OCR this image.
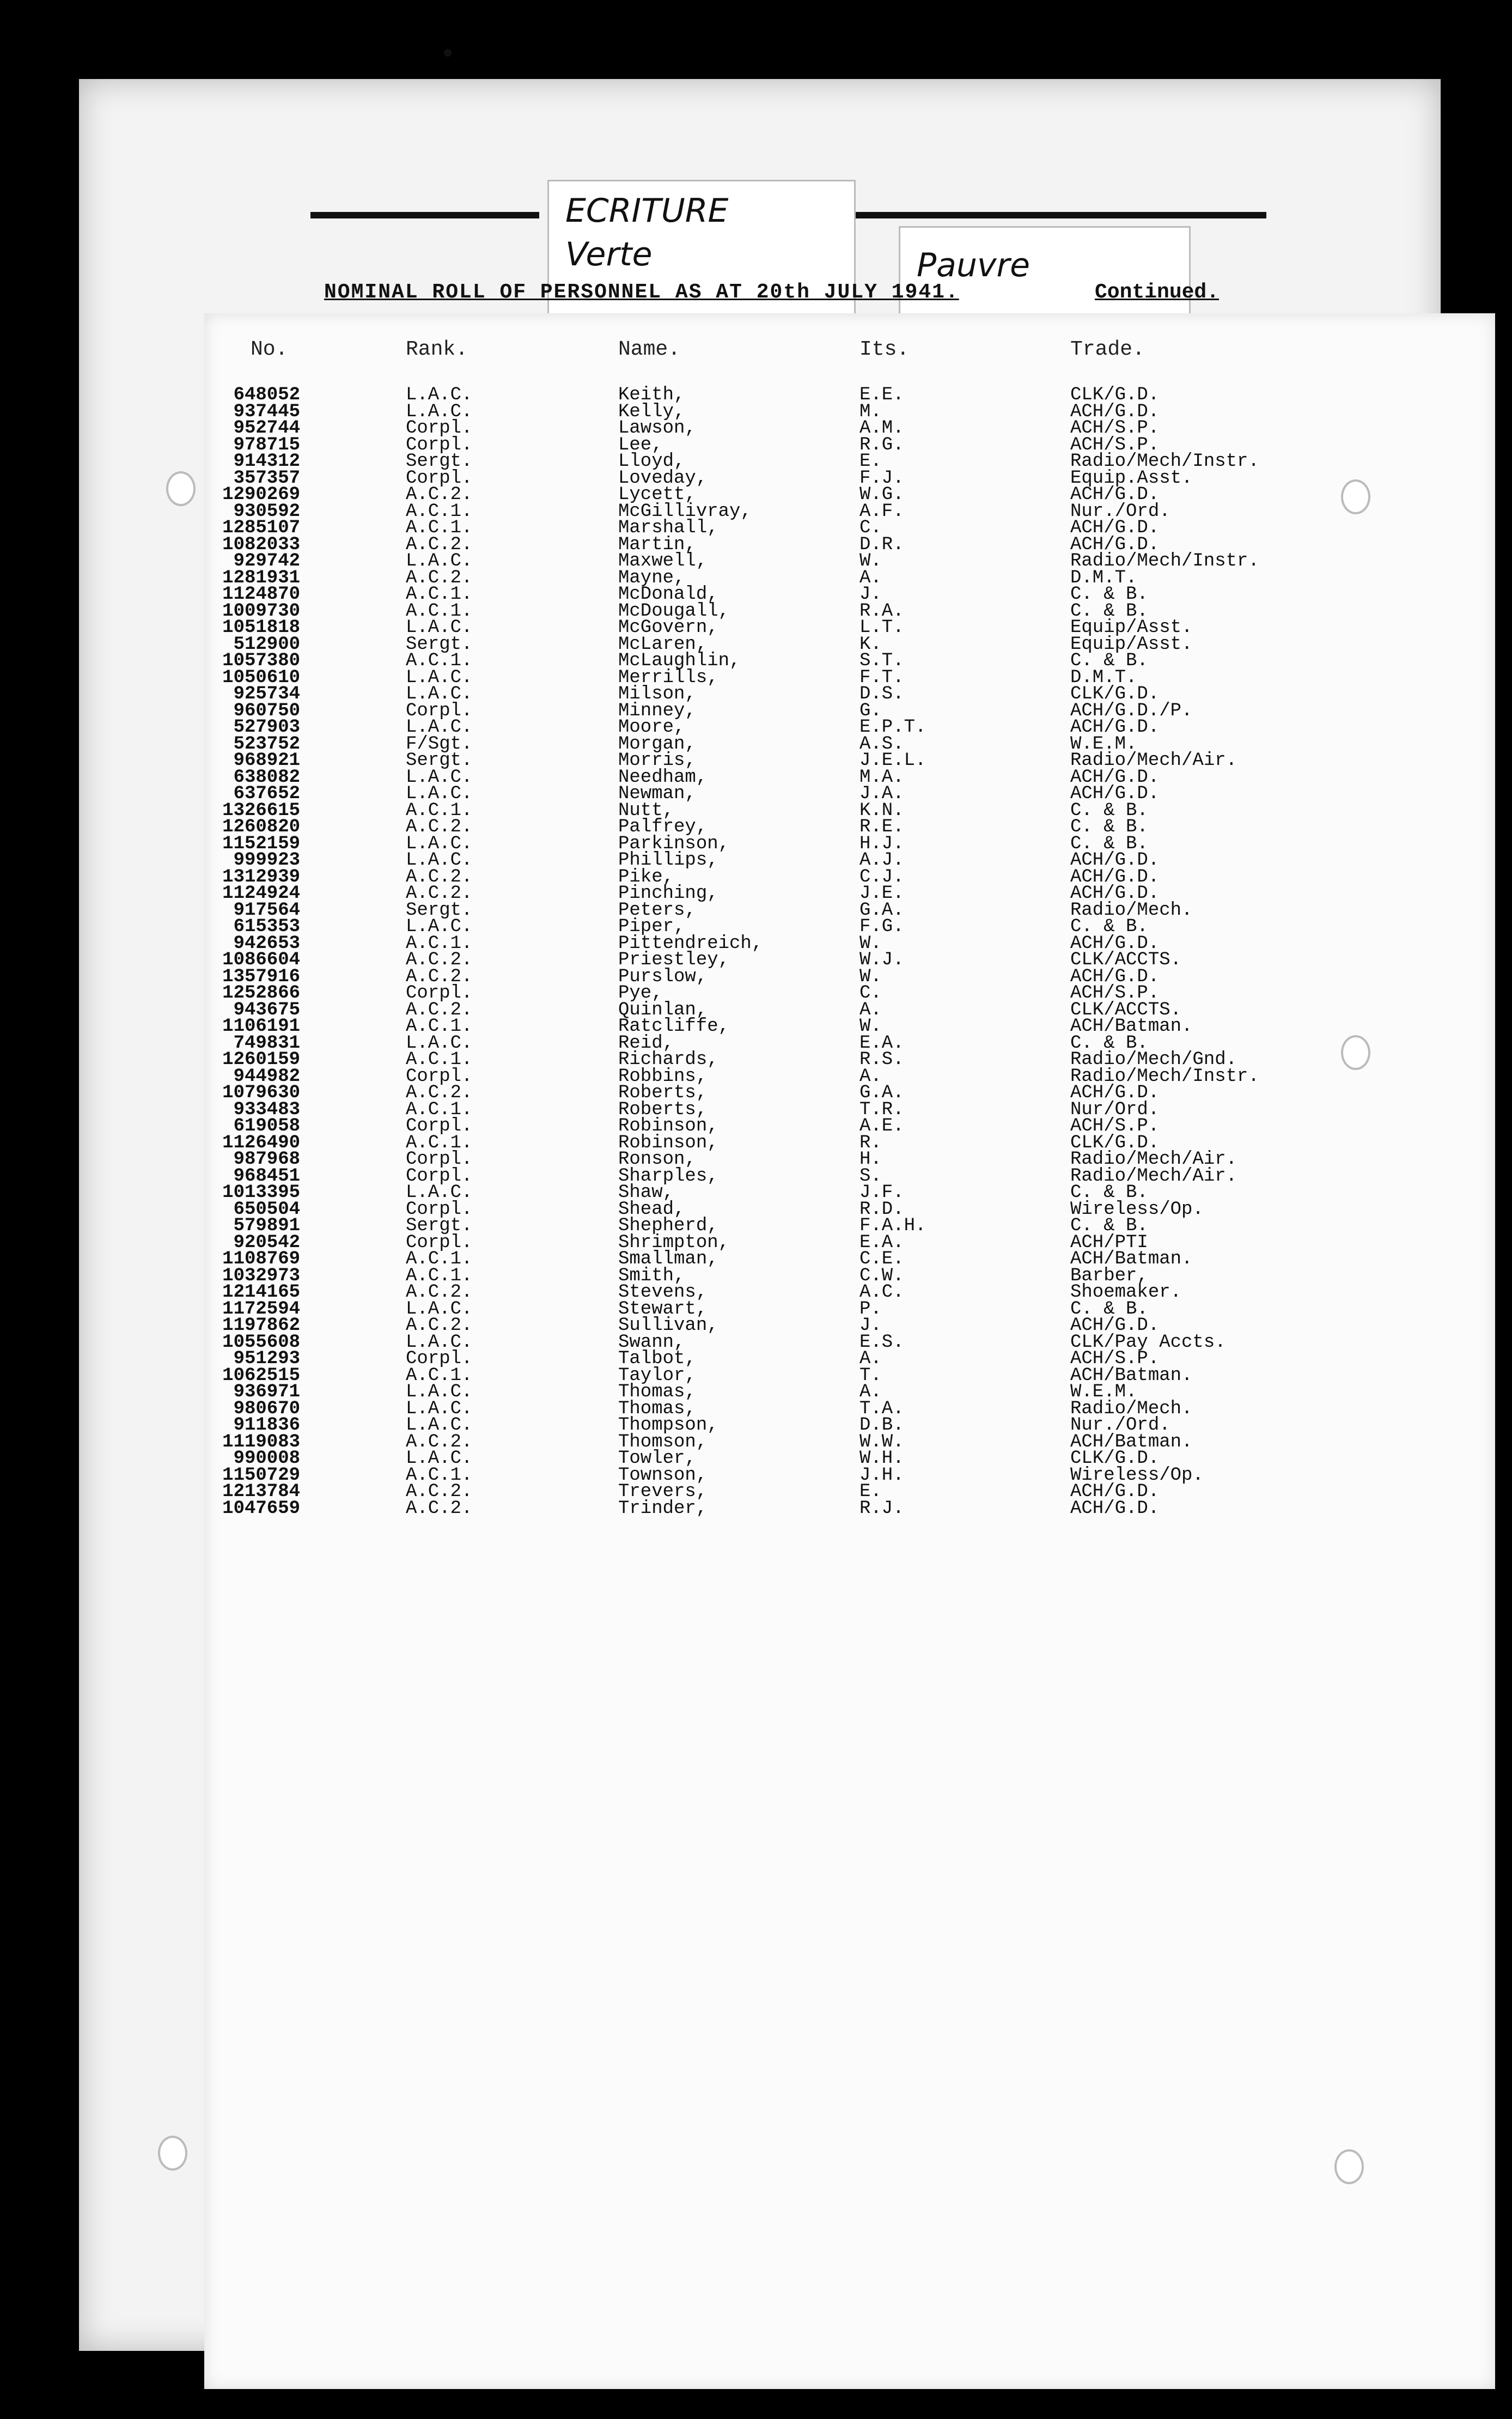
ECRITURE
Verte	Pauvre
NOMINAL ROLL OF PERSONNEL AS AT 20th JULY 1941.	Continued.
No.	Rank.	Name.	Its.	Trade.
648052	L.A.C.	Keith,	E.E.	CLK/G.D.
937445	L.A.C.	Kelly,	M.	ACH/G.D.
952744	Corpl.	Lawson,	A.M.	ACH/S.P.
978715	Corpl.	Lee,	R.G.	ACH/S.P.
914312	Sergt.	Lloyd,	E.	Radio/Mech/Instr.
357357	Corpl.	Loveday,	F.J.	Equip.Asst.
1290269	A.C.2.	Lycett,	W.G.	ACH/G.D.
930592	A.C.1.	McGillivray,	A.F.	Nur./Ord.
1285107	A.C.1.	Marshall,	C.	ACH/G.D.
1082033	A.C.2.	Martin,	D.R.	ACH/G.D.
929742	L.A.C.	Maxwell,	W.	Radio/Mech/Instr.
1281931	A.C.2.	Mayne,	A.	D.M.T.
1124870	A.C.1.	McDonald,	J.	C. & B.
1009730	A.C.1.	McDougall,	R.A.	C. & B.
1051818	L.A.C.	McGovern,	L.T.	Equip/Asst.
512900	Sergt.	McLaren,	K.	Equip/Asst.
1057380	A.C.1.	McLaughlin,	S.T.	C. & B.
1050610	L.A.C.	Merrills,	F.T.	D.M.T.
925734	L.A.C.	Milson,	D.S.	CLK/G.D.
960750	Corpl.	Minney,	G.	ACH/G.D./P.
527903	L.A.C.	Moore,	E.P.T.	ACH/G.D.
523752	F/Sgt.	Morgan,	A.S.	W.E.M.
968921	Sergt.	Morris,	J.E.L.	Radio/Mech/Air.
638082	L.A.C.	Needham,	M.A.	ACH/G.D.
637652	L.A.C.	Newman,	J.A.	ACH/G.D.
1326615	A.C.1.	Nutt,	K.N.	C. & B.
1260820	A.C.2.	Palfrey,	R.E.	C. & B.
1152159	L.A.C.	Parkinson,	H.J.	C. & B.
999923	L.A.C.	Phillips,	A.J.	ACH/G.D.
1312939	A.C.2.	Pike,	C.J.	ACH/G.D.
1124924	A.C.2.	Pinching,	J.E.	ACH/G.D.
917564	Sergt.	Peters,	G.A.	Radio/Mech.
615353	L.A.C.	Piper,	F.G.	C. & B.
942653	A.C.1.	Pittendreich,	W.	ACH/G.D.
1086604	A.C.2.	Priestley,	W.J.	CLK/ACCTS.
1357916	A.C.2.	Purslow,	W.	ACH/G.D.
1252866	Corpl.	Pye,	C.	ACH/S.P.
943675	A.C.2.	Quinlan,	A.	CLK/ACCTS.
1106191	A.C.1.	Ratcliffe,	W.	ACH/Batman.
749831	L.A.C.	Reid,	E.A.	C. & B.
1260159	A.C.1.	Richards,	R.S.	Radio/Mech/Gnd.
944982	Corpl.	Robbins,	A.	Radio/Mech/Instr.
1079630	A.C.2.	Roberts,	G.A.	ACH/G.D.
933483	A.C.1.	Roberts,	T.R.	Nur/Ord.
619058	Corpl.	Robinson,	A.E.	ACH/S.P.
1126490	A.C.1.	Robinson,	R.	CLK/G.D.
987968	Corpl.	Ronson,	H.	Radio/Mech/Air.
968451	Corpl.	Sharples,	S.	Radio/Mech/Air.
1013395	L.A.C.	Shaw,	J.F.	C. & B.
650504	Corpl.	Shead,	R.D.	Wireless/Op.
579891	Sergt.	Shepherd,	F.A.H.	C. & B.
920542	Corpl.	Shrimpton,	E.A.	ACH/PTI
1108769	A.C.1.	Smallman,	C.E.	ACH/Batman.
1032973	A.C.1.	Smith,	C.W.	Barber,
1214165	A.C.2.	Stevens,	A.C.	Shoemaker.
1172594	L.A.C.	Stewart,	P.	C. & B.
1197862	A.C.2.	Sullivan,	J.	ACH/G.D.
1055608	L.A.C.	Swann,	E.S.	CLK/Pay Accts.
951293	Corpl.	Talbot,	A.	ACH/S.P.
1062515	A.C.1.	Taylor,	T.	ACH/Batman.
936971	L.A.C.	Thomas,	A.	W.E.M.
980670	L.A.C.	Thomas,	T.A.	Radio/Mech.
911836	L.A.C.	Thompson,	D.B.	Nur./Ord.
1119083	A.C.2.	Thomson,	W.W.	ACH/Batman.
990008	L.A.C.	Towler,	W.H.	CLK/G.D.
1150729	A.C.1.	Townson,	J.H.	Wireless/Op.
1213784	A.C.2.	Trevers,	E.	ACH/G.D.
1047659	A.C.2.	Trinder,	R.J.	ACH/G.D.
